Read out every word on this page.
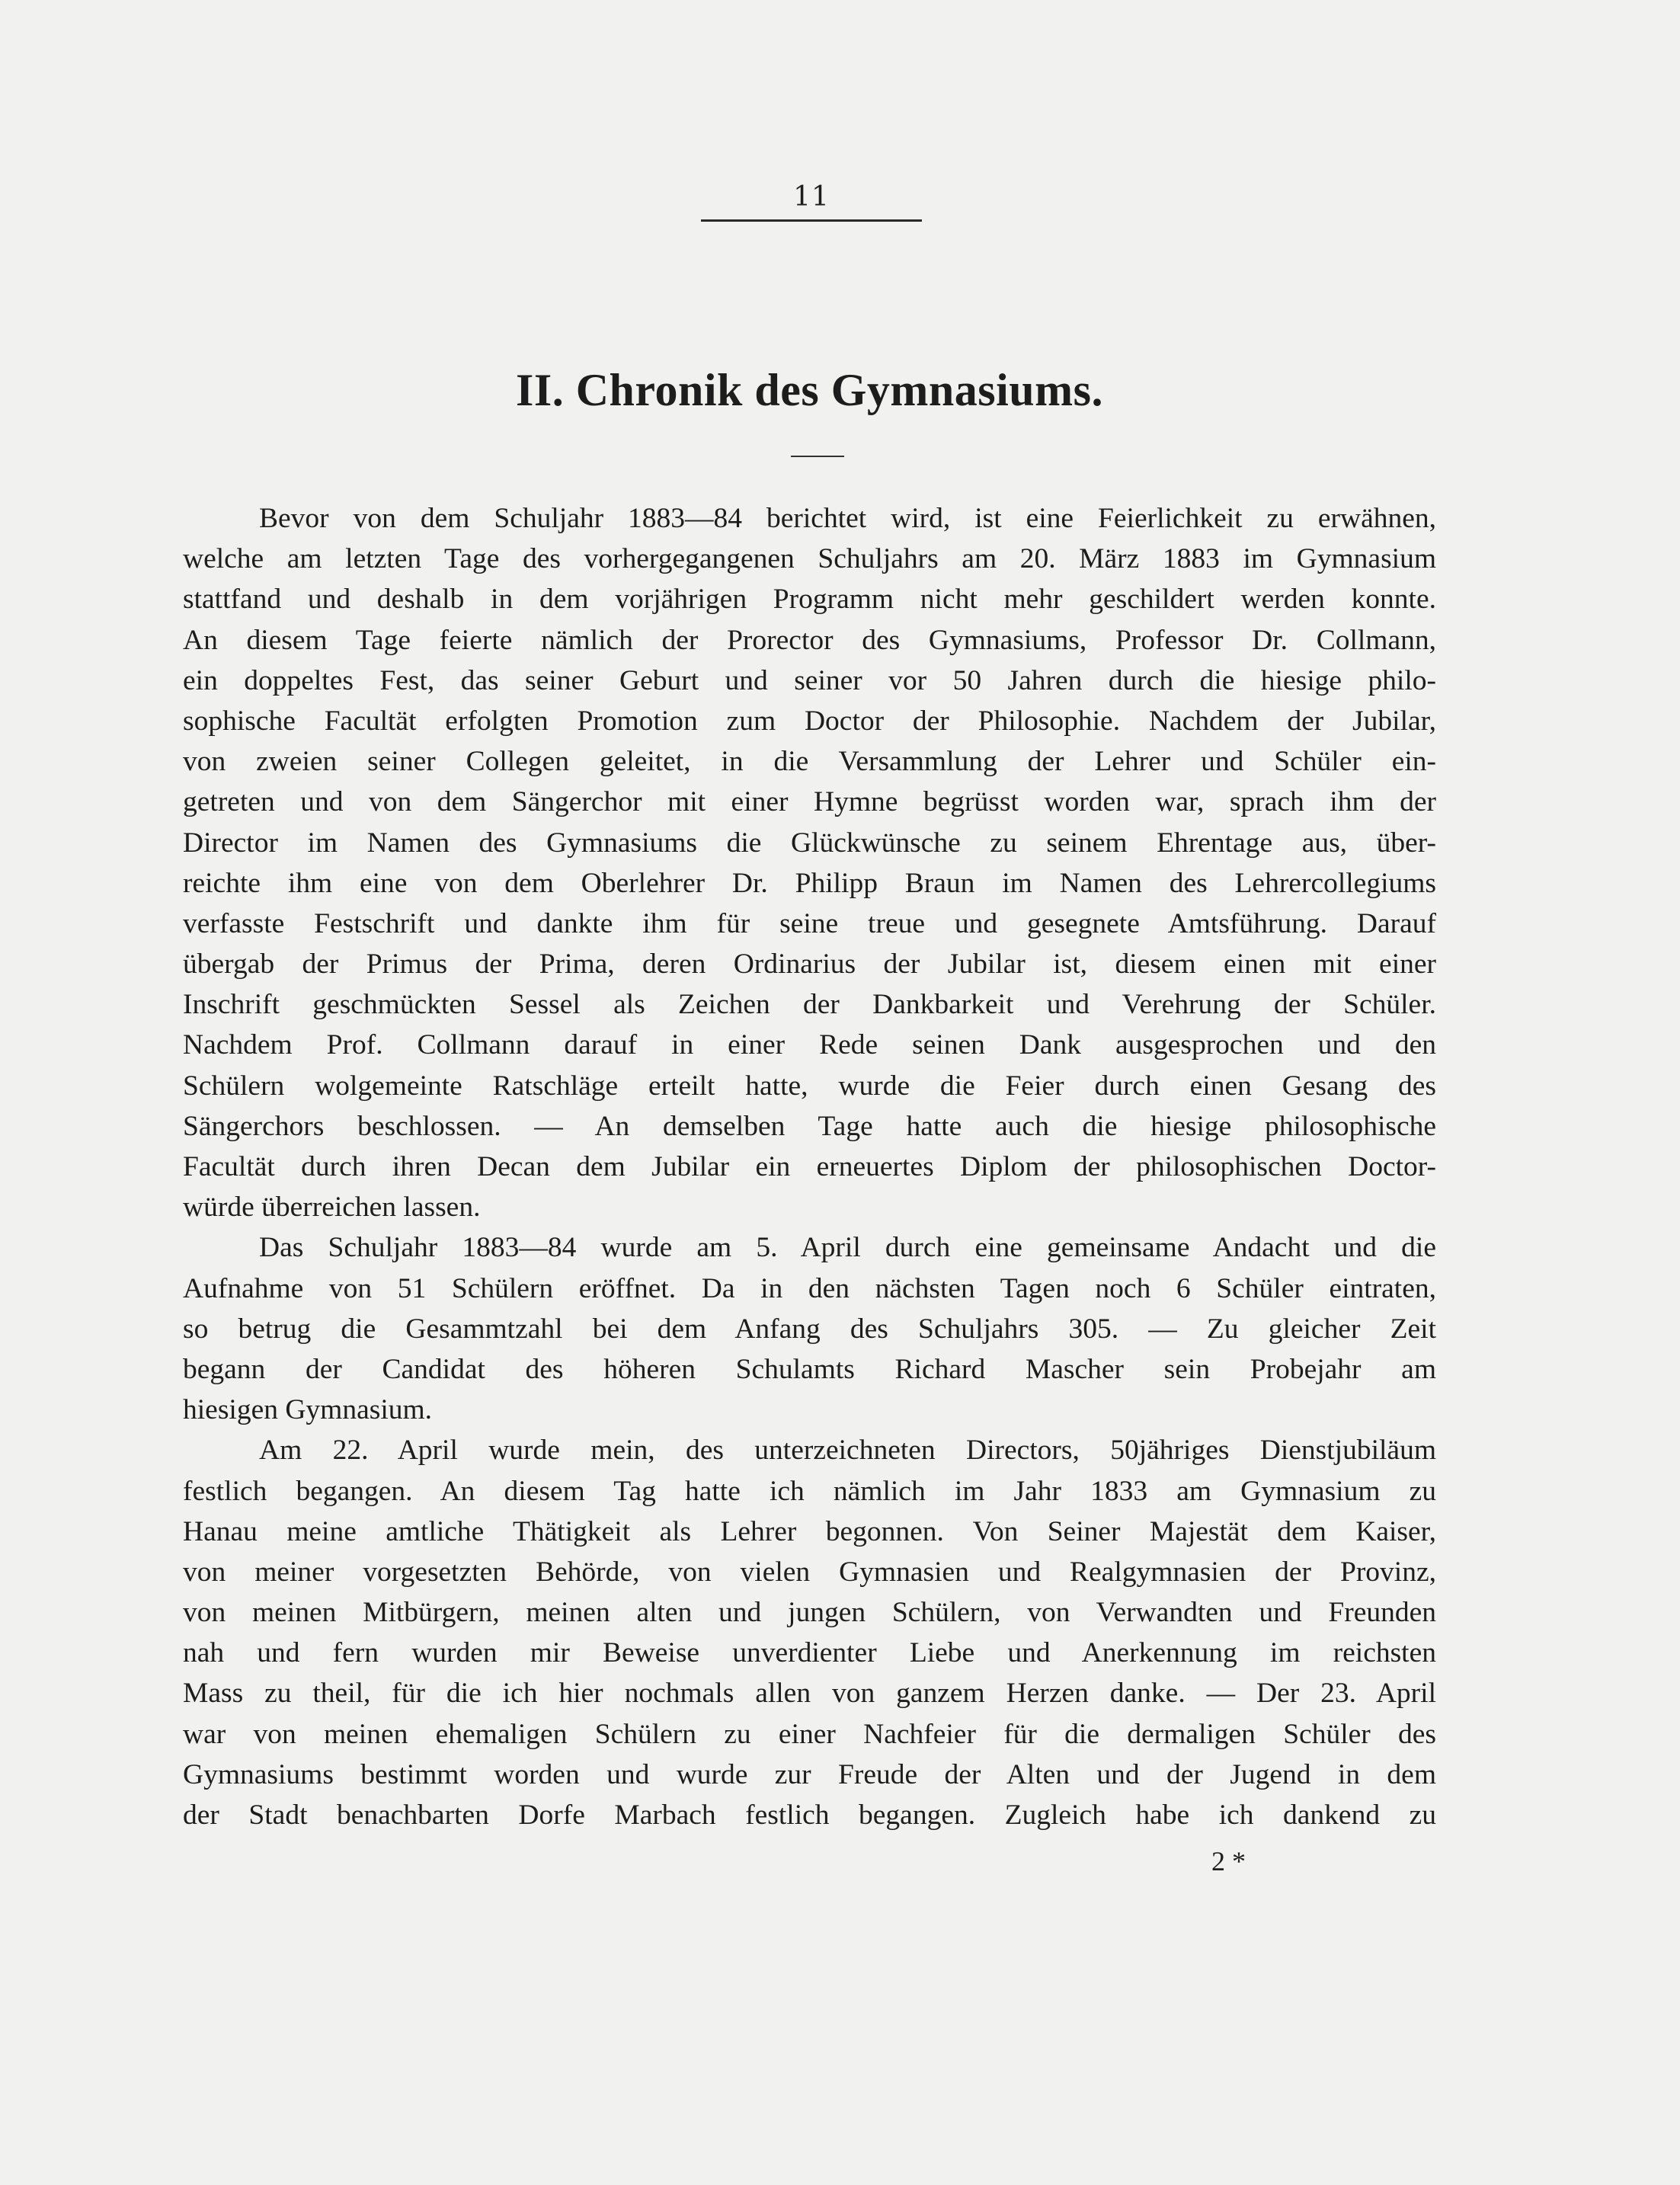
11
II. Chronik des Gymnasiums.
Bevor von dem Schuljahr 1883—84 berichtet wird, ist eine Feierlichkeit zu erwähnen,
welche am letzten Tage des vorhergegangenen Schuljahrs am 20. März 1883 im Gymnasium
stattfand und deshalb in dem vorjährigen Programm nicht mehr geschildert werden konnte.
An diesem Tage feierte nämlich der Prorector des Gymnasiums, Professor Dr. Collmann,
ein doppeltes Fest, das seiner Geburt und seiner vor 50 Jahren durch die hiesige philo-
sophische Facultät erfolgten Promotion zum Doctor der Philosophie. Nachdem der Jubilar,
von zweien seiner Collegen geleitet, in die Versammlung der Lehrer und Schüler ein-
getreten und von dem Sängerchor mit einer Hymne begrüsst worden war, sprach ihm der
Director im Namen des Gymnasiums die Glückwünsche zu seinem Ehrentage aus, über-
reichte ihm eine von dem Oberlehrer Dr. Philipp Braun im Namen des Lehrercollegiums
verfasste Festschrift und dankte ihm für seine treue und gesegnete Amtsführung. Darauf
übergab der Primus der Prima, deren Ordinarius der Jubilar ist, diesem einen mit einer
Inschrift geschmückten Sessel als Zeichen der Dankbarkeit und Verehrung der Schüler.
Nachdem Prof. Collmann darauf in einer Rede seinen Dank ausgesprochen und den
Schülern wolgemeinte Ratschläge erteilt hatte, wurde die Feier durch einen Gesang des
Sängerchors beschlossen. — An demselben Tage hatte auch die hiesige philosophische
Facultät durch ihren Decan dem Jubilar ein erneuertes Diplom der philosophischen Doctor-
würde überreichen lassen.
Das Schuljahr 1883—84 wurde am 5. April durch eine gemeinsame Andacht und die
Aufnahme von 51 Schülern eröffnet. Da in den nächsten Tagen noch 6 Schüler eintraten,
so betrug die Gesammtzahl bei dem Anfang des Schuljahrs 305. — Zu gleicher Zeit
begann der Candidat des höheren Schulamts Richard Mascher sein Probejahr am
hiesigen Gymnasium.
Am 22. April wurde mein, des unterzeichneten Directors, 50jähriges Dienstjubiläum
festlich begangen. An diesem Tag hatte ich nämlich im Jahr 1833 am Gymnasium zu
Hanau meine amtliche Thätigkeit als Lehrer begonnen. Von Seiner Majestät dem Kaiser,
von meiner vorgesetzten Behörde, von vielen Gymnasien und Realgymnasien der Provinz,
von meinen Mitbürgern, meinen alten und jungen Schülern, von Verwandten und Freunden
nah und fern wurden mir Beweise unverdienter Liebe und Anerkennung im reichsten
Mass zu theil, für die ich hier nochmals allen von ganzem Herzen danke. — Der 23. April
war von meinen ehemaligen Schülern zu einer Nachfeier für die dermaligen Schüler des
Gymnasiums bestimmt worden und wurde zur Freude der Alten und der Jugend in dem
der Stadt benachbarten Dorfe Marbach festlich begangen. Zugleich habe ich dankend zu
2 *
